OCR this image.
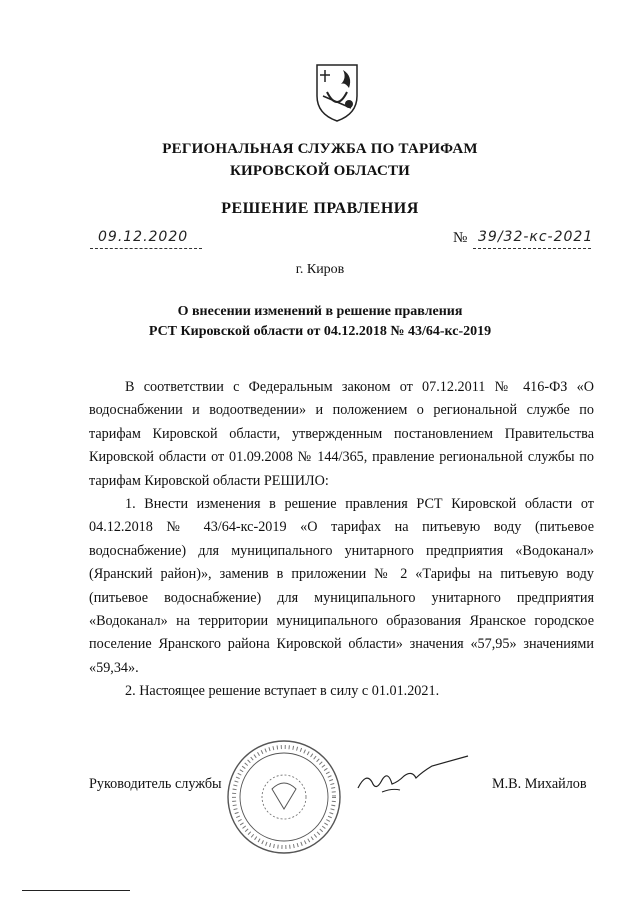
РЕГИОНАЛЬНАЯ СЛУЖБА ПО ТАРИФАМ
КИРОВСКОЙ ОБЛАСТИ
РЕШЕНИЕ ПРАВЛЕНИЯ
09.12.2020	№ 39/32-кс-2021
г. Киров
О внесении изменений в решение правления
РСТ Кировской области от 04.12.2018 № 43/64-кс-2019

В соответствии с Федеральным законом от 07.12.2011 № 416-ФЗ «О водоснабжении и водоотведении» и положением о региональной службе по тарифам Кировской области, утвержденным постановлением Правительства Кировской области от 01.09.2008 № 144/365, правление региональной службы по тарифам Кировской области РЕШИЛО:

1. Внести изменения в решение правления РСТ Кировской области от 04.12.2018 № 43/64-кс-2019 «О тарифах на питьевую воду (питьевое водоснабжение) для муниципального унитарного предприятия «Водоканал» (Яранский район)», заменив в приложении № 2 «Тарифы на питьевую воду (питьевое водоснабжение) для муниципального унитарного предприятия «Водоканал» на территории муниципального образования Яранское городское поселение Яранского района Кировской области» значения «57,95» значениями «59,34».

2. Настоящее решение вступает в силу с 01.01.2021.

Руководитель службы	М.В. Михайлов
